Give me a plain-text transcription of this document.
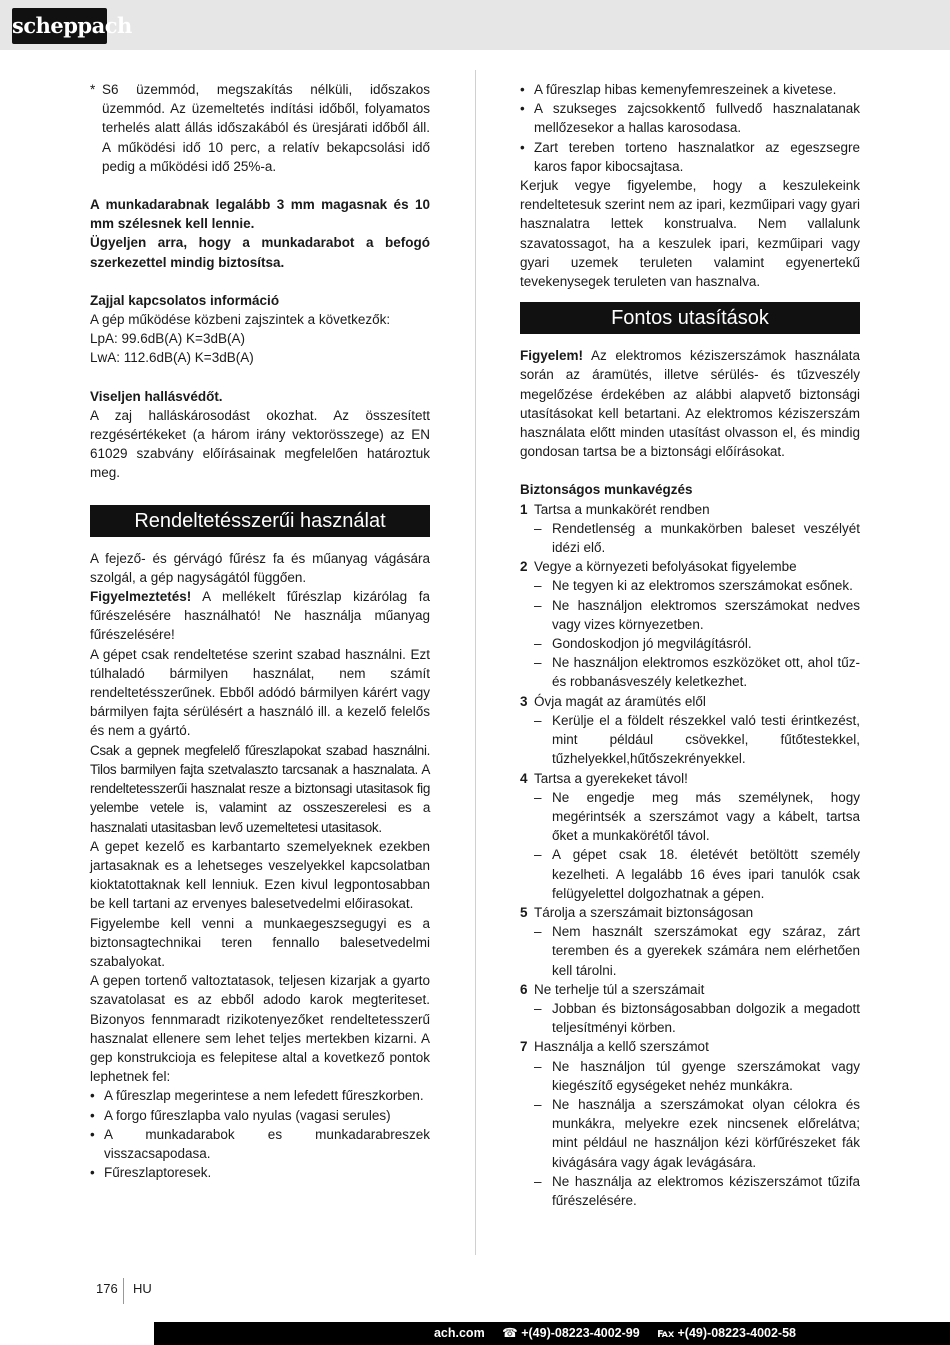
scheppach
* S6 üzemmód, megszakítás nélküli, időszakos üzemmód. Az üzemeltetés indítási időből, folyamatos terhelés alatt állás időszakából és üresjárati időből áll. A működési idő 10 perc, a relatív bekapcsolási idő pedig a működési idő 25%-a.

A munkadarabnak legalább 3 mm magasnak és 10 mm szélesnek kell lennie.

Ügyeljen arra, hogy a munkadarabot a befogó szerkezettel mindig biztosítsa.

Zajjal kapcsolatos információ

A gép működése közbeni zajszintek a következők:

LpA: 99.6dB(A) K=3dB(A)

LwA: 112.6dB(A) K=3dB(A)

Viseljen hallásvédőt.

A zaj halláskárosodást okozhat. Az összesített rezgésértékeket (a három irány vektorösszege) az EN 61029 szabvány előírásainak megfelelően határoztuk meg.

Rendeltetésszerűi használat

A fejező- és gérvágó fűrész fa és műanyag vágására szolgál, a gép nagyságától függően.

Figyelmeztetés! A mellékelt fűrészlap kizárólag fa fűrészelésére használható! Ne használja műanyag fűrészelésére!

A gépet csak rendeltetése szerint szabad használni. Ezt túlhaladó bármilyen használat, nem számít rendeltetésszerűnek. Ebből adódó bármilyen kárért vagy bármilyen fajta sérülésért a használó ill. a kezelő felelős és nem a gyártó.

Csak a gepnek megfelelő fűreszlapokat szabad használni. Tilos barmilyen fajta szetvalaszto tarcsanak a hasznalata. A rendeltetesszerűi hasznalat resze a biztonsagi utasitasok fig yelembe vetele is, valamint az osszeszerelesi es a hasznalati utasitasban levő uzemeltetesi utasitasok.

A gepet kezelő es karbantarto szemelyeknek ezekben jartasaknak es a lehetseges veszelyekkel kapcsolatban kioktatottaknak kell lenniuk. Ezen kivul legpontosabban be kell tartani az ervenyes balesetvedelmi előirasokat.

Figyelembe kell venni a munkaegeszsegugyi es a biztonsagtechnikai teren fennallo balesetvedelmi szabalyokat.

A gepen tortenő valtoztatasok, teljesen kizarjak a gyarto szavatolasat es az ebből adodo karok megteriteset. Bizonyos fennmaradt rizikotenyezőket rendeltetesszerű hasznalat ellenere sem lehet teljes mertekben kizarni. A gep konstrukcioja es felepitese altal a kovetkező pontok lephetnek fel:

• A fűreszlap megerintese a nem lefedett fűreszkorben.
• A forgo fűreszlapba valo nyulas (vagasi serules)
• A munkadarabok es munkadarabreszek visszacsapodasa.
• Fűreszlaptoresek.
• A fűreszlap hibas kemenyfemreszeinek a kivetese.
• A szukseges zajcsokkentő fullvedő hasznalatanak mellőzesekor a hallas karosodasa.
• Zart tereben torteno hasznalatkor az egeszsegre karos fapor kibocsajtasa.

Kerjuk vegye figyelembe, hogy a keszulekeink rendeltetesuk szerint nem az ipari, kezműipari vagy gyari hasznalatra lettek konstrualva. Nem vallalunk szavatossagot, ha a keszulek ipari, kezműipari vagy gyari uzemek teruleten valamint egyenertekű tevekenysegek teruleten van hasznalva.

Fontos utasítások

Figyelem! Az elektromos kéziszerszámok használata során az áramütés, illetve sérülés- és tűzveszély megelőzése érdekében az alábbi alapvető biztonsági utasításokat kell betartani. Az elektromos kéziszerszám használata előtt minden utasítást olvasson el, és mindig gondosan tartsa be a biztonsági előírásokat.

Biztonságos munkavégzés

1 Tartsa a munkakörét rendben
– Rendetlenség a munkakörben baleset veszélyét idézi elő.
2 Vegye a környezeti befolyásokat figyelembe
– Ne tegyen ki az elektromos szerszámokat esőnek.
– Ne használjon elektromos szerszámokat nedves vagy vizes környezetben.
– Gondoskodjon jó megvilágításról.
– Ne használjon elektromos eszközöket ott, ahol tűz- és robbanásveszély keletkezhet.
3 Óvja magát az áramütés elől
– Kerülje el a földelt részekkel való testi érintkezést, mint például csövekkel, fűtőtestekkel, tűzhelyekkel,hűtőszekrényekkel.
4 Tartsa a gyerekeket távol!
– Ne engedje meg más személynek, hogy megérintsék a szerszámot vagy a kábelt, tartsa őket a munkakörétől távol.
– A gépet csak 18. életévét betöltött személy kezelheti. A legalább 16 éves ipari tanulók csak felügyelettel dolgozhatnak a gépen.
5 Tárolja a szerszámait biztonságosan
– Nem használt szerszámokat egy száraz, zárt teremben és a gyerekek számára nem elérhetően kell tárolni.
6 Ne terhelje túl a szerszámait
– Jobban és biztonságosabban dolgozik a megadott teljesítményi körben.
7 Használja a kellő szerszámot
– Ne használjon túl gyenge szerszámokat vagy kiegészítő egységeket nehéz munkákra.
– Ne használja a szerszámokat olyan célokra és munkákra, melyekre ezek nincsenek előrelátva; mint például ne használjon kézi körfűrészeket fák kivágására vagy ágak levágására.
– Ne használja az elektromos kéziszerszámot tűzifa fűrészelésére.
176 HU
ach.com ☎ +(49)-08223-4002-99 ℻ +(49)-08223-4002-58
